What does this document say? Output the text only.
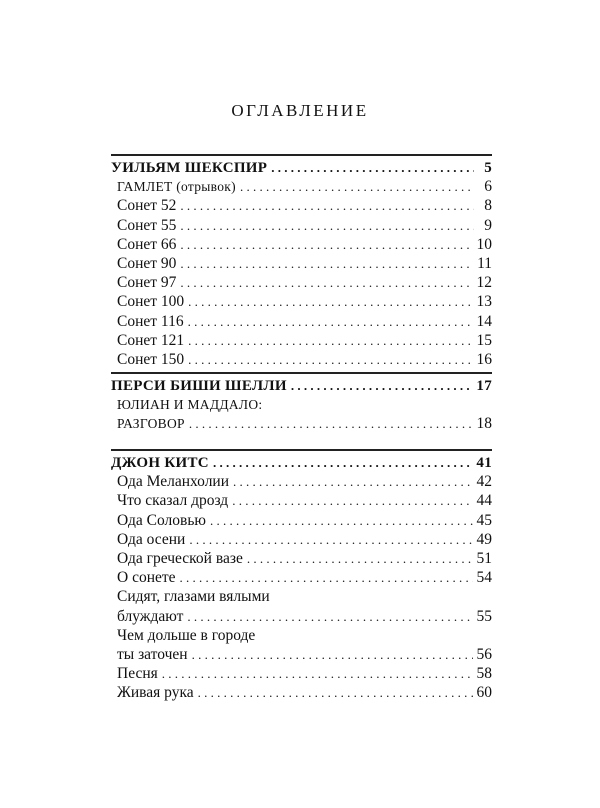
ОГЛАВЛЕНИЕ
УИЛЬЯМ ШЕКСПИР . . .	5
ГАМЛЕТ (отрывок) . . .	6
Сонет 52 . . .	8
Сонет 55 . . .	9
Сонет 66 . . .	10
Сонет 90 . . .	11
Сонет 97 . . .	12
Сонет 100 . . .	13
Сонет 116 . . .	14
Сонет 121 . . .	15
Сонет 150 . . .	16
ПЕРСИ БИШИ ШЕЛЛИ . . .	17
ЮЛИАН И МАДДАЛО:
РАЗГОВОР . . .	18
ДЖОН КИТС . . .	41
Ода Меланхолии . . .	42
Что сказал дрозд . . .	44
Ода Соловью . . .	45
Ода осени . . .	49
Ода греческой вазе . . .	51
О сонете . . .	54
Сидят, глазами вялыми
блуждают . . .	55
Чем дольше в городе
ты заточен . . .	56
Песня . . .	58
Живая рука . . .	60
